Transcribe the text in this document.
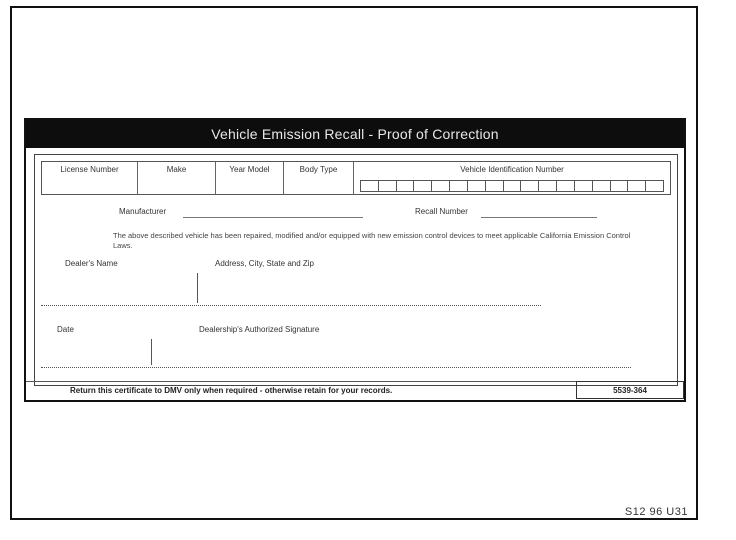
Vehicle Emission Recall - Proof of Correction
License Number	Make	Year Model	Body Type	Vehicle Identification Number
Manufacturer	Recall Number
The above described vehicle has been repaired, modified and/or equipped with new emission control devices to meet applicable California Emission Control Laws.
Dealer's Name	Address, City, State and Zip
Date	Dealership's Authorized Signature
Return this certificate to DMV only when required - otherwise retain for your records.	5539-364
S12 96 U31
